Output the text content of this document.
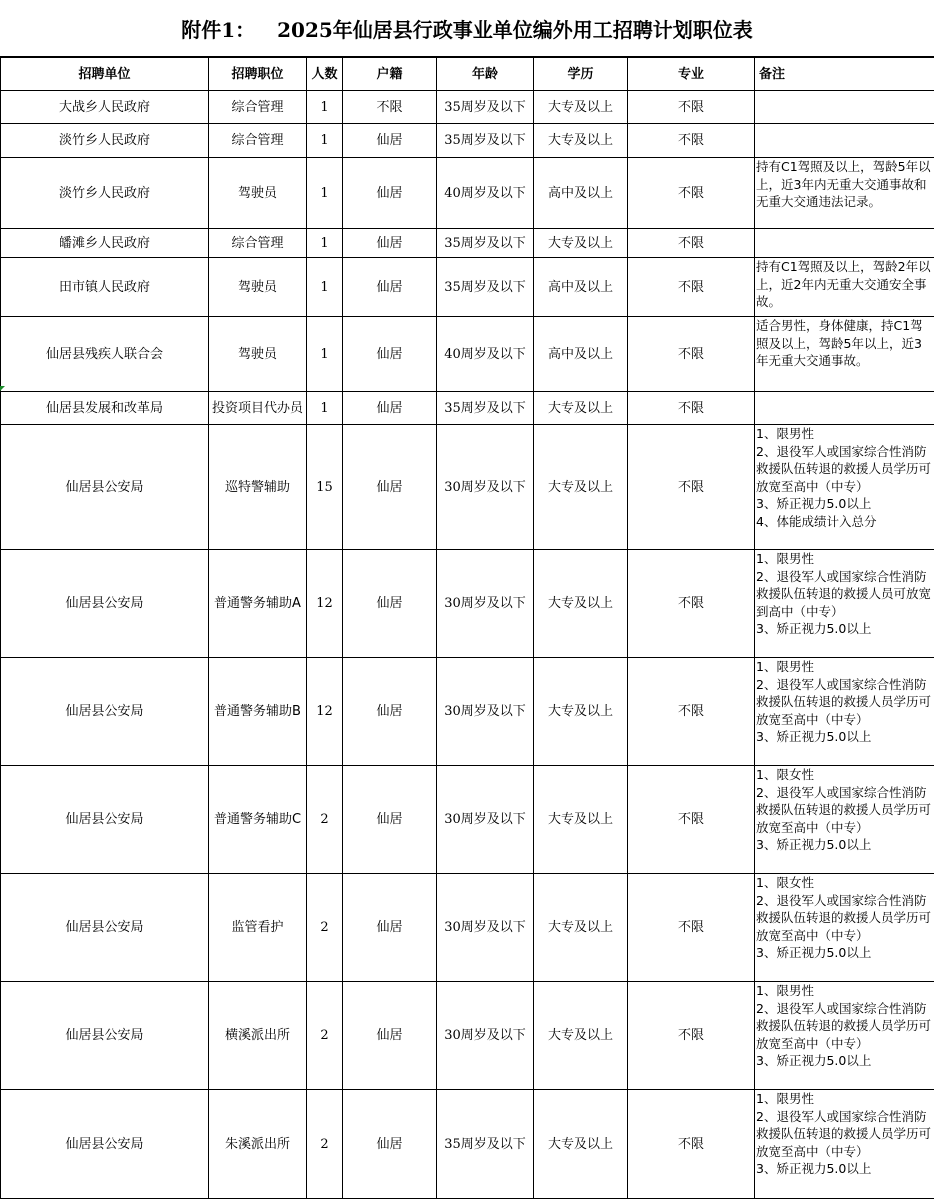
附件1： 2025年仙居县行政事业单位编外用工招聘计划职位表
招聘单位	招聘职位	人数	户籍	年龄	学历	专业	备注
大战乡人民政府	综合管理	1	不限	35周岁及以下	大专及以上	不限	
淡竹乡人民政府	综合管理	1	仙居	35周岁及以下	大专及以上	不限	
淡竹乡人民政府	驾驶员	1	仙居	40周岁及以下	高中及以上	不限	持有C1驾照及以上，驾龄5年以上，近3年内无重大交通事故和无重大交通违法记录。
皤滩乡人民政府	综合管理	1	仙居	35周岁及以下	大专及以上	不限	
田市镇人民政府	驾驶员	1	仙居	35周岁及以下	高中及以上	不限	持有C1驾照及以上，驾龄2年以上，近2年内无重大交通安全事故。
仙居县残疾人联合会	驾驶员	1	仙居	40周岁及以下	高中及以上	不限	适合男性，身体健康，持C1驾照及以上，驾龄5年以上，近3年无重大交通事故。
仙居县发展和改革局	投资项目代办员	1	仙居	35周岁及以下	大专及以上	不限	
仙居县公安局	巡特警辅助	15	仙居	30周岁及以下	大专及以上	不限	1、限男性
2、退役军人或国家综合性消防救援队伍转退的救援人员学历可放宽至高中（中专）
3、矫正视力5.0以上
4、体能成绩计入总分
仙居县公安局	普通警务辅助A	12	仙居	30周岁及以下	大专及以上	不限	1、限男性
2、退役军人或国家综合性消防救援队伍转退的救援人员可放宽到高中（中专）
3、矫正视力5.0以上
仙居县公安局	普通警务辅助B	12	仙居	30周岁及以下	大专及以上	不限	1、限男性
2、退役军人或国家综合性消防救援队伍转退的救援人员学历可放宽至高中（中专）
3、矫正视力5.0以上
仙居县公安局	普通警务辅助C	2	仙居	30周岁及以下	大专及以上	不限	1、限女性
2、退役军人或国家综合性消防救援队伍转退的救援人员学历可放宽至高中（中专）
3、矫正视力5.0以上
仙居县公安局	监管看护	2	仙居	30周岁及以下	大专及以上	不限	1、限女性
2、退役军人或国家综合性消防救援队伍转退的救援人员学历可放宽至高中（中专）
3、矫正视力5.0以上
仙居县公安局	横溪派出所	2	仙居	30周岁及以下	大专及以上	不限	1、限男性
2、退役军人或国家综合性消防救援队伍转退的救援人员学历可放宽至高中（中专）
3、矫正视力5.0以上
仙居县公安局	朱溪派出所	2	仙居	35周岁及以下	大专及以上	不限	1、限男性
2、退役军人或国家综合性消防救援队伍转退的救援人员学历可放宽至高中（中专）
3、矫正视力5.0以上
